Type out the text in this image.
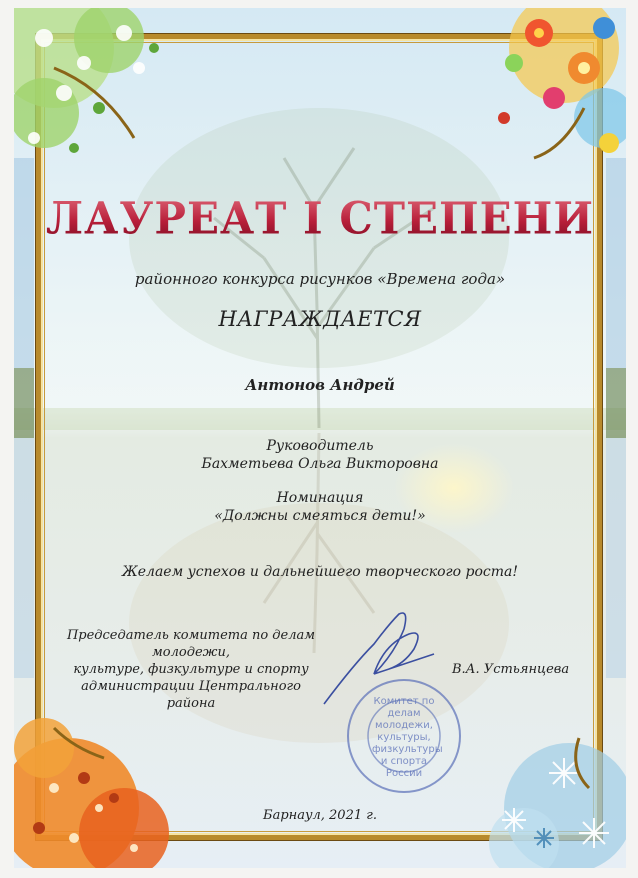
ЛАУРЕАТ I СТЕПЕНИ
районного конкурса рисунков «Времена года»
НАГРАЖДАЕТСЯ
Антонов Андрей
Руководитель
Бахметьева Ольга Викторовна
Номинация
«Должны смеяться дети!»
Желаем успехов и дальнейшего творческого роста!
Председатель комитета по делам молодежи,
культуре, физкультуре и спорту
администрации Центрального района	Комитет по делам молодежи, культуры, физкультуры и спорта России
В.А. Устьянцева
Барнаул, 2021 г.
